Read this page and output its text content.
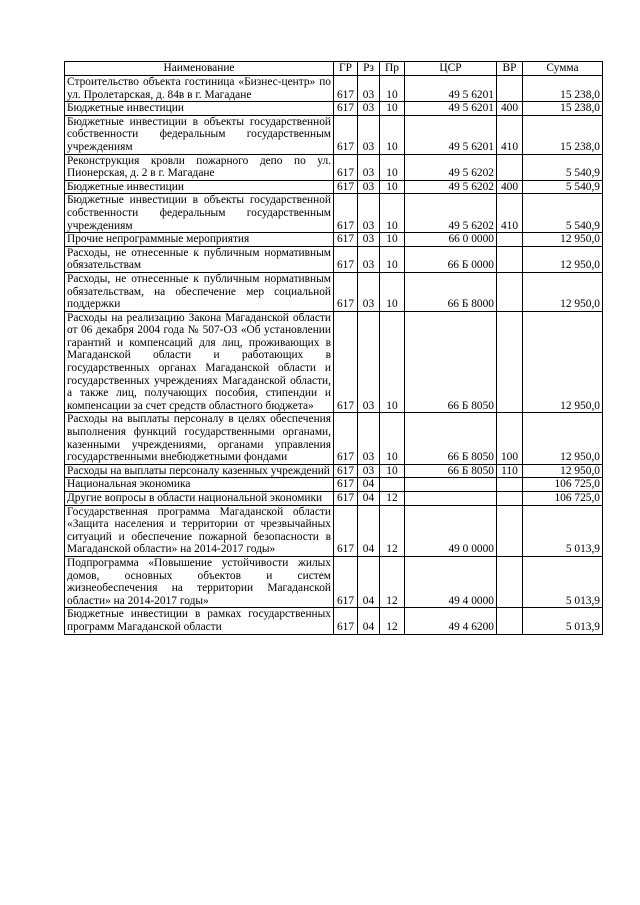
Наименование	ГР	Рз	Пр	ЦСР	ВР	Сумма
Строительство объекта гостиница «Бизнес-центр» по ул. Пролетарская, д. 84в в г. Магадане	617	03	10	49 5 6201		15 238,0
Бюджетные инвестиции	617	03	10	49 5 6201	400	15 238,0
Бюджетные инвестиции в объекты государственной собственности федеральным государственным учреждениям	617	03	10	49 5 6201	410	15 238,0
Реконструкция кровли пожарного депо по ул. Пионерская, д. 2 в г. Магадане	617	03	10	49 5 6202		5 540,9
Бюджетные инвестиции	617	03	10	49 5 6202	400	5 540,9
Бюджетные инвестиции в объекты государственной собственности федеральным государственным учреждениям	617	03	10	49 5 6202	410	5 540,9
Прочие непрограммные мероприятия	617	03	10	66 0 0000		12 950,0
Расходы, не отнесенные к публичным нормативным обязательствам	617	03	10	66 Б 0000		12 950,0
Расходы, не отнесенные к публичным нормативным обязательствам, на обеспечение мер социальной поддержки	617	03	10	66 Б 8000		12 950,0
Расходы на реализацию Закона Магаданской области от 06 декабря 2004 года № 507-ОЗ «Об установлении гарантий и компенсаций для лиц, проживающих в Магаданской области и работающих в государственных органах Магаданской области и государственных учреждениях Магаданской области, а также лиц, получающих пособия, стипендии и компенсации за счет средств областного бюджета»	617	03	10	66 Б 8050		12 950,0
Расходы на выплаты персоналу в целях обеспечения выполнения функций государственными органами, казенными учреждениями, органами управления государственными внебюджетными фондами	617	03	10	66 Б 8050	100	12 950,0
Расходы на выплаты персоналу казенных учреждений	617	03	10	66 Б 8050	110	12 950,0
Национальная экономика	617	04				106 725,0
Другие вопросы в области национальной экономики	617	04	12			106 725,0
Государственная программа Магаданской области «Защита населения и территории от чрезвычайных ситуаций и обеспечение пожарной безопасности в Магаданской области» на 2014-2017 годы»	617	04	12	49 0 0000		5 013,9
Подпрограмма «Повышение устойчивости жилых домов, основных объектов и систем жизнеобеспечения на территории Магаданской области» на 2014-2017 годы»	617	04	12	49 4 0000		5 013,9
Бюджетные инвестиции в рамках государственных программ Магаданской области	617	04	12	49 4 6200		5 013,9
